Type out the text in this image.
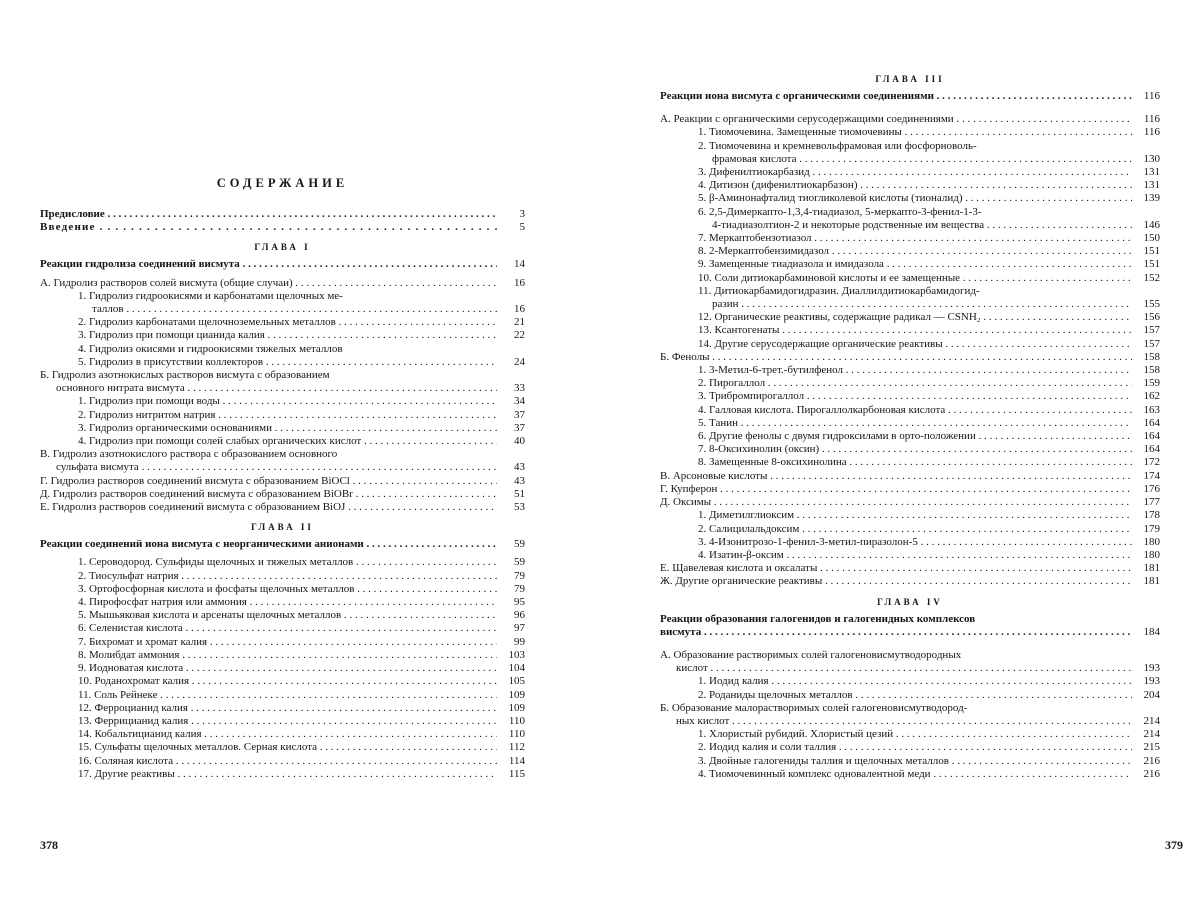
СОДЕРЖАНИЕ
Предисловие . . .	3
Введение . . .	5
ГЛАВА I
Реакции гидролиза соединений висмута . . .	14
А. Гидролиз растворов солей висмута (общие случаи) . . .	16
1. Гидролиз гидроокисями и карбонатами щелочных ме-
таллов . . .	16
2. Гидролиз карбонатами щелочноземельных металлов . . .	21
3. Гидролиз при помощи цианида калия . . .	22
4. Гидролиз окисями и гидроокисями тяжелых металлов
5. Гидролиз в присутствии коллекторов . . .	24
Б. Гидролиз азотнокислых растворов висмута с образованием
основного нитрата висмута . . .	33
1. Гидролиз при помощи воды . . .	34
2. Гидролиз нитритом натрия . . .	37
3. Гидролиз органическими основаниями . . .	37
4. Гидролиз при помощи солей слабых органических кислот . . .	40
В. Гидролиз азотнокислого раствора с образованием основного
сульфата висмута . . .	43
Г. Гидролиз растворов соединений висмута с образованием BiOCl . . .	43
Д. Гидролиз растворов соединений висмута с образованием BiOBr . . .	51
Е. Гидролиз растворов соединений висмута с образованием BiOJ . . .	53
ГЛАВА II
Реакции соединений иона висмута с неорганическими анионами . . .	59
1. Сероводород. Сульфиды щелочных и тяжелых металлов . . .	59
2. Тиосульфат натрия . . .	79
3. Ортофосфорная кислота и фосфаты щелочных металлов . . .	79
4. Пирофосфат натрия или аммония . . .	95
5. Мышьяковая кислота и арсенаты щелочных металлов . . .	96
6. Селенистая кислота . . .	97
7. Бихромат и хромат калия . . .	99
8. Молибдат аммония . . .	103
9. Иодноватая кислота . . .	104
10. Роданохромат калия . . .	105
11. Соль Рейнеке . . .	109
12. Ферроцианид калия . . .	109
13. Феррицианид калия . . .	110
14. Кобальтицианид калия . . .	110
15. Сульфаты щелочных металлов. Серная кислота . . .	112
16. Соляная кислота . . .	114
17. Другие реактивы . . .	115
378
ГЛАВА III
Реакции иона висмута с органическими соединениями . . .	116
А. Реакции с органическими серусодержащими соединениями . . .	116
1. Тиомочевина. Замещенные тиомочевины . . .	116
2. Тиомочевина и кремневольфрамовая или фосфорноволь-
фрамовая кислота . . .	130
3. Дифенилтиокарбазид . . .	131
4. Дитизон (дифенилтиокарбазон) . . .	131
5. β-Аминонафталид тиогликолевой кислоты (тионалид) . . .	139
6. 2,5-Димеркапто-1,3,4-тиадиазол, 5-меркапто-3-фенил-1-3-
4-тиадиазолтион-2 и некоторые родственные им вещества . . .	146
7. Меркаптобензотиазол . . .	150
8. 2-Меркаптобензимидазол . . .	151
9. Замещенные тиадиазола и имидазола . . .	151
10. Соли дитиокарбаминовой кислоты и ее замещенные . . .	152
11. Дитиокарбамидогидразин. Диаллилдитиокарбамидогид-
разин . . .	155
12. Органические реактивы, содержащие радикал — CSNH₂ . . .	156
13. Ксантогенаты . . .	157
14. Другие серусодержащие органические реактивы . . .	157
Б. Фенолы . . .	158
1. 3-Метил-6-трет.-бутилфенол . . .	158
2. Пирогаллол . . .	159
3. Трибромпирогаллол . . .	162
4. Галловая кислота. Пирогаллолкарбоновая кислота . . .	163
5. Танин . . .	164
6. Другие фенолы с двумя гидроксилами в орто-положении . . .	164
7. 8-Оксихинолин (оксин) . . .	164
8. Замещенные 8-оксихинолина . . .	172
В. Арсоновые кислоты . . .	174
Г. Купферон . . .	176
Д. Оксимы . . .	177
1. Диметилглиоксим . . .	178
2. Салицилальдоксим . . .	179
3. 4-Изонитрозо-1-фенил-3-метил-пиразолон-5 . . .	180
4. Изатин-β-оксим . . .	180
Е. Щавелевая кислота и оксалаты . . .	181
Ж. Другие органические реактивы . . .	181
ГЛАВА IV
Реакции образования галогенидов и галогенидных комплексов
висмута . . .	184
А. Образование растворимых солей галогеновисмутводородных
кислот . . .	193
1. Иодид калия . . .	193
2. Роданиды щелочных металлов . . .	204
Б. Образование малорастворимых солей галогеновисмутводород-
ных кислот . . .	214
1. Хлористый рубидий. Хлористый цезий . . .	214
2. Иодид калия и соли таллия . . .	215
3. Двойные галогениды таллия и щелочных металлов . . .	216
4. Тиомочевинный комплекс одновалентной меди . . .	216
379
